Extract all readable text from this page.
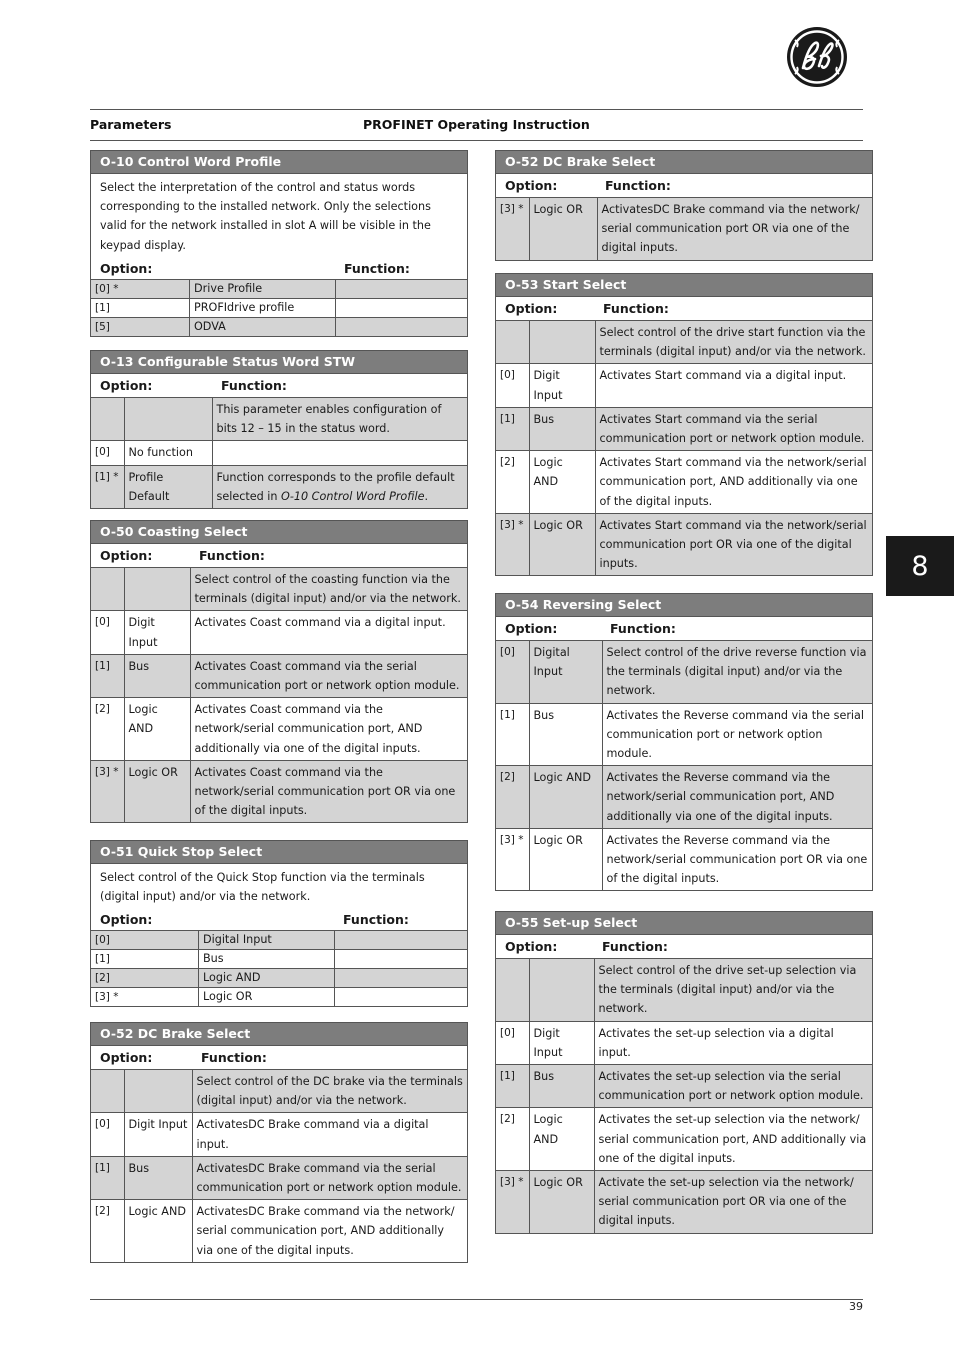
Parameters	PROFINET Operating Instruction
8
O-10 Control Word Profile
Select the interpretation of the control and status words corresponding to the installed network. Only the selections valid for the network installed in slot A will be visible in the keypad display.
Option:	Function:
[0] *	Drive Profile	
[1]	PROFIdrive profile	
[5]	ODVA	
O-13 Configurable Status Word STW
Option:	Function:
		This parameter enables configuration of bits 12 – 15 in the status word.
[0]	No function	
[1] *	Profile Default	Function corresponds to the profile default selected in O-10 Control Word Profile.
O-50 Coasting Select
Option:	Function:
		Select control of the coasting function via the terminals (digital input) and/or via the network.
[0]	Digit Input	Activates Coast command via a digital input.
[1]	Bus	Activates Coast command via the serial communication port or network option module.
[2]	Logic AND	Activates Coast command via the network/serial communication port, AND additionally via one of the digital inputs.
[3] *	Logic OR	Activates Coast command via the network/serial communication port OR via one of the digital inputs.
O-51 Quick Stop Select
Select control of the Quick Stop function via the terminals (digital input) and/or via the network.
Option:	Function:
[0]	Digital Input	
[1]	Bus	
[2]	Logic AND	
[3] *	Logic OR	
O-52 DC Brake Select
Option:	Function:
		Select control of the DC brake via the terminals (digital input) and/or via the network.
[0]	Digit Input	ActivatesDC Brake command via a digital input.
[1]	Bus	ActivatesDC Brake command via the serial communication port or network option module.
[2]	Logic AND	ActivatesDC Brake command via the network/ serial communication port, AND additionally via one of the digital inputs.
O-52 DC Brake Select
Option:	Function:
[3] *	Logic OR	ActivatesDC Brake command via the network/ serial communication port OR via one of the digital inputs.
O-53 Start Select
Option:	Function:
		Select control of the drive start function via the terminals (digital input) and/or via the network.
[0]	Digit Input	Activates Start command via a digital input.
[1]	Bus	Activates Start command via the serial communication port or network option module.
[2]	Logic AND	Activates Start command via the network/serial communication port, AND additionally via one of the digital inputs.
[3] *	Logic OR	Activates Start command via the network/serial communication port OR via one of the digital inputs.
O-54 Reversing Select
Option:	Function:
[0]	Digital Input	Select control of the drive reverse function via the terminals (digital input) and/or via the network.
[1]	Bus	Activates the Reverse command via the serial communication port or network option module.
[2]	Logic AND	Activates the Reverse command via the network/serial communication port, AND additionally via one of the digital inputs.
[3] *	Logic OR	Activates the Reverse command via the network/serial communication port OR via one of the digital inputs.
O-55 Set-up Select
Option:	Function:
		Select control of the drive set-up selection via the terminals (digital input) and/or via the network.
[0]	Digit Input	Activates the set-up selection via a digital input.
[1]	Bus	Activates the set-up selection via the serial communication port or network option module.
[2]	Logic AND	Activates the set-up selection via the network/ serial communication port, AND additionally via one of the digital inputs.
[3] *	Logic OR	Activate the set-up selection via the network/ serial communication port OR via one of the digital inputs.
39
